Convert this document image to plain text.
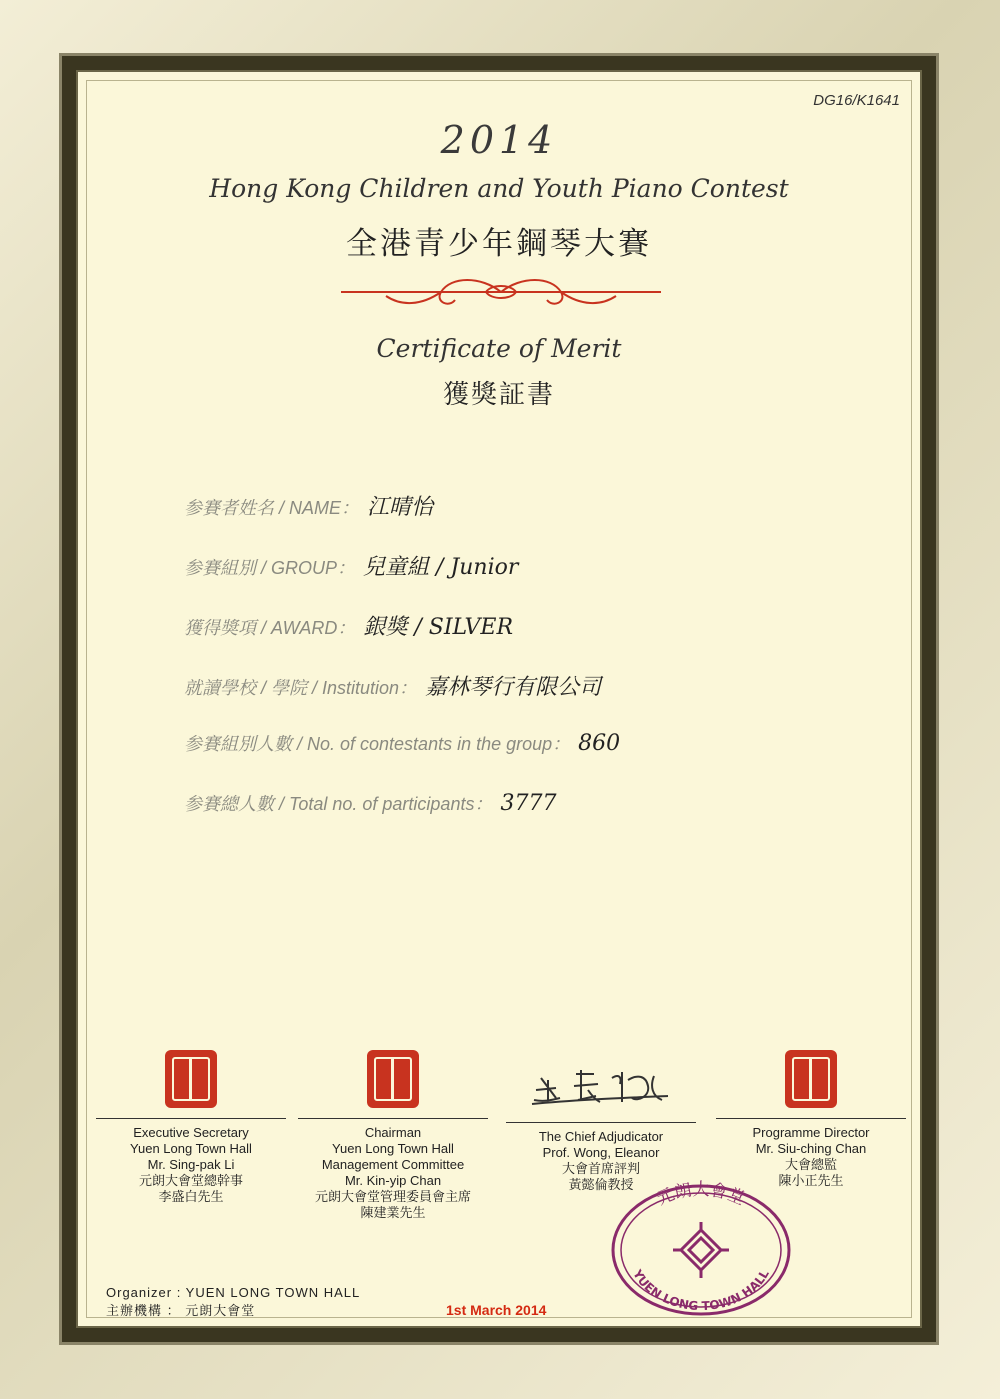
DG16/K1641
2014
Hong Kong Children and Youth Piano Contest
全港青少年鋼琴大賽
Certificate of Merit
獲獎証書
参賽者姓名 / NAME： 江晴怡
参賽組別 / GROUP： 兒童組 / Junior
獲得獎項 / AWARD： 銀獎 / SILVER
就讀學校 / 學院 / Institution： 嘉林琴行有限公司
参賽組別人數 / No. of contestants in the group： 860
参賽總人數 / Total no. of participants： 3777
Executive Secretary
Yuen Long Town Hall
Mr. Sing-pak Li
元朗大會堂總幹事
李盛白先生
Chairman
Yuen Long Town Hall
Management Committee
Mr. Kin-yip Chan
元朗大會堂管理委員會主席
陳建業先生
The Chief Adjudicator
Prof. Wong, Eleanor
大會首席評判
黃懿倫教授
Programme Director
Mr. Siu-ching Chan
大會總監
陳小正先生
元朗大會堂
YUEN LONG TOWN HALL
Organizer : YUEN LONG TOWN HALL
主辦機構 ： 元朗大會堂	1st March 2014
